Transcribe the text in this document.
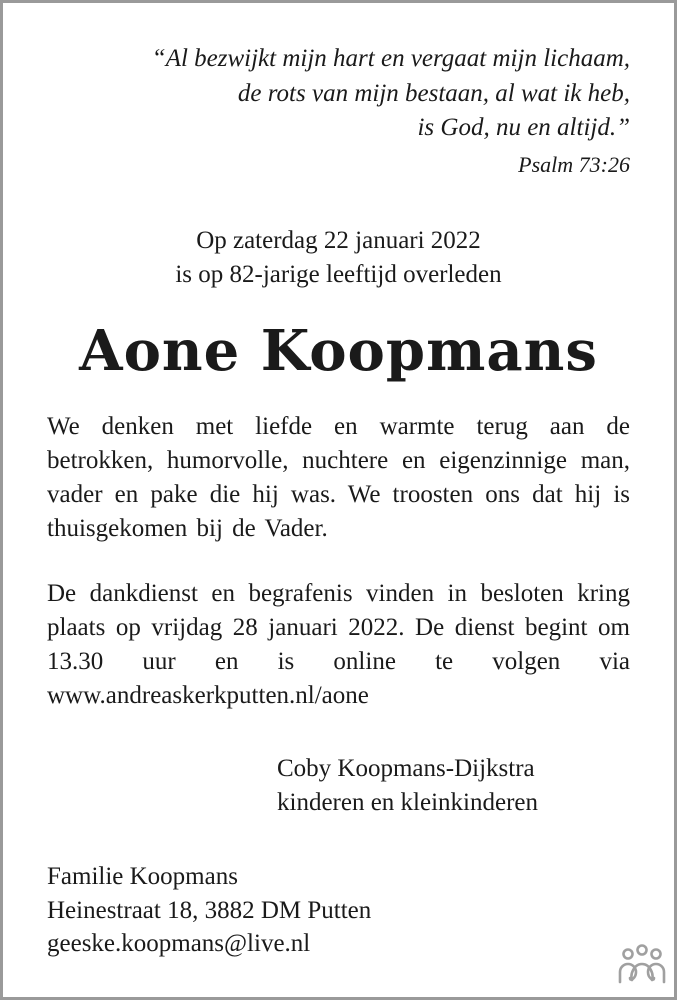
“Al bezwijkt mijn hart en vergaat mijn lichaam,
de rots van mijn bestaan, al wat ik heb,
is God, nu en altijd.”
Psalm 73:26
Op zaterdag 22 januari 2022
is op 82-jarige leeftijd overleden
Aone Koopmans
We denken met liefde en warmte terug aan de betrokken, humorvolle, nuchtere en eigenzinnige man, vader en pake die hij was. We troosten ons dat hij is thuisgekomen bij de Vader.
De dankdienst en begrafenis vinden in besloten kring plaats op vrijdag 28 januari 2022. De dienst begint om 13.30 uur en is online te volgen via www.andreaskerkputten.nl/aone
Coby Koopmans-Dijkstra
kinderen en kleinkinderen
Familie Koopmans
Heinestraat 18, 3882 DM Putten
geeske.koopmans@live.nl
